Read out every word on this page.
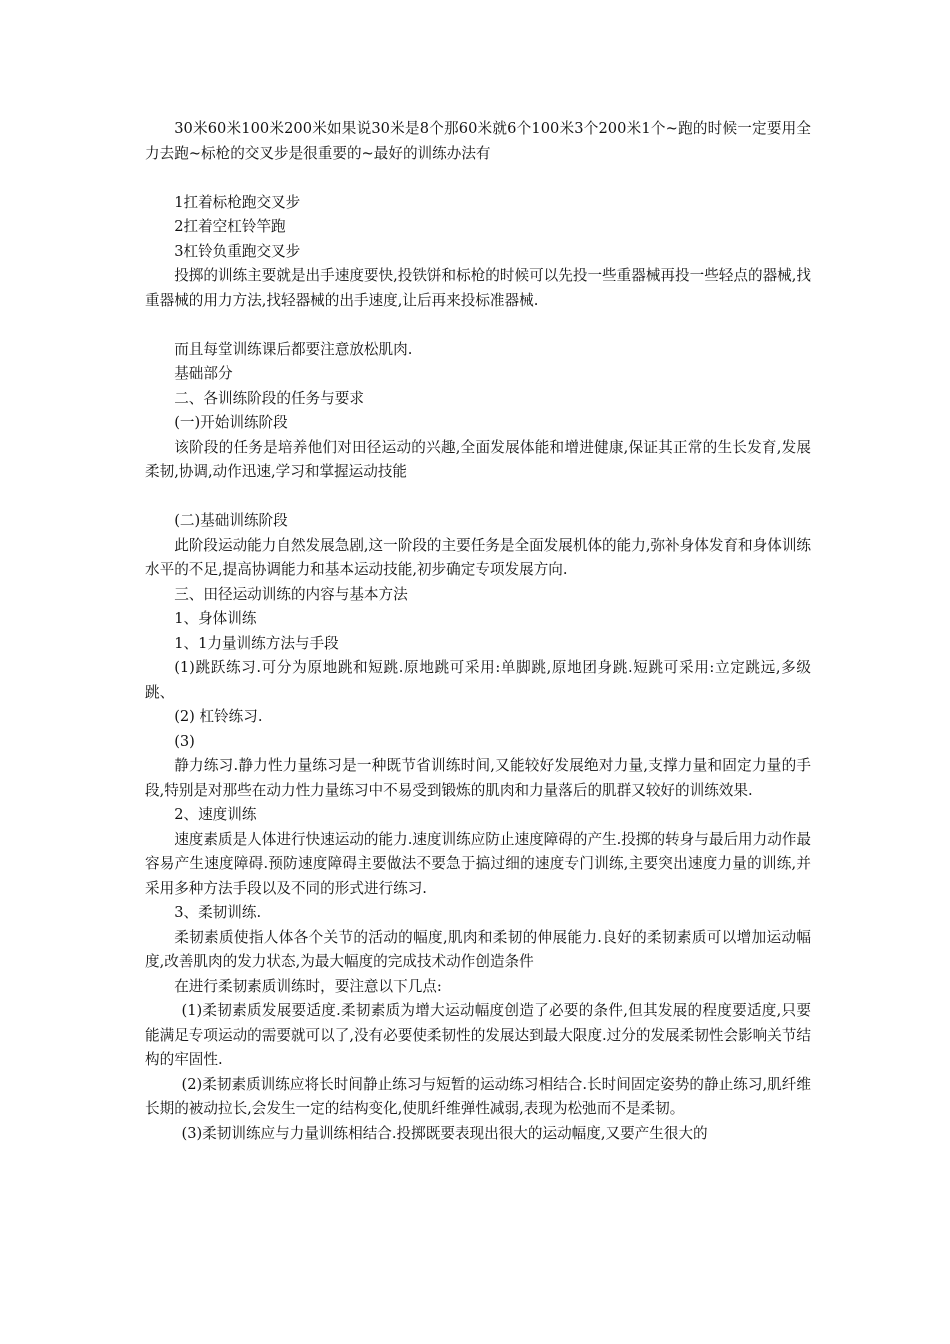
30米60米100米200米如果说30米是8个那60米就6个100米3个200米1个~跑的时候一定要用全力去跑~标枪的交叉步是很重要的~最好的训练办法有

1扛着标枪跑交叉步

2扛着空杠铃竿跑

3杠铃负重跑交叉步

投掷的训练主要就是出手速度要快,投铁饼和标枪的时候可以先投一些重器械再投一些轻点的器械,找重器械的用力方法,找轻器械的出手速度,让后再来投标准器械.

而且每堂训练课后都要注意放松肌肉.

基础部分

二、各训练阶段的任务与要求

(一)开始训练阶段

该阶段的任务是培养他们对田径运动的兴趣,全面发展体能和增进健康,保证其正常的生长发育,发展柔韧,协调,动作迅速,学习和掌握运动技能

(二)基础训练阶段

此阶段运动能力自然发展急剧,这一阶段的主要任务是全面发展机体的能力,弥补身体发育和身体训练水平的不足,提高协调能力和基本运动技能,初步确定专项发展方向.

三、田径运动训练的内容与基本方法

1、身体训练

1、1力量训练方法与手段

(1)跳跃练习.可分为原地跳和短跳.原地跳可采用:单脚跳,原地团身跳.短跳可采用:立定跳远,多级跳、

(2) 杠铃练习.

(3)

静力练习.静力性力量练习是一种既节省训练时间,又能较好发展绝对力量,支撑力量和固定力量的手段,特别是对那些在动力性力量练习中不易受到锻炼的肌肉和力量落后的肌群又较好的训练效果.

2、速度训练

速度素质是人体进行快速运动的能力.速度训练应防止速度障碍的产生.投掷的转身与最后用力动作最容易产生速度障碍.预防速度障碍主要做法不要急于搞过细的速度专门训练,主要突出速度力量的训练,并采用多种方法手段以及不同的形式进行练习.

3、柔韧训练.

柔韧素质使指人体各个关节的活动的幅度,肌肉和柔韧的伸展能力.良好的柔韧素质可以增加运动幅度,改善肌肉的发力状态,为最大幅度的完成技术动作创造条件

在进行柔韧素质训练时，要注意以下几点:

(1)柔韧素质发展要适度.柔韧素质为增大运动幅度创造了必要的条件,但其发展的程度要适度,只要能满足专项运动的需要就可以了,没有必要使柔韧性的发展达到最大限度.过分的发展柔韧性会影响关节结构的牢固性.

(2)柔韧素质训练应将长时间静止练习与短暂的运动练习相结合.长时间固定姿势的静止练习,肌纤维长期的被动拉长,会发生一定的结构变化,使肌纤维弹性减弱,表现为松弛而不是柔韧。

(3)柔韧训练应与力量训练相结合.投掷既要表现出很大的运动幅度,又要产生很大的
